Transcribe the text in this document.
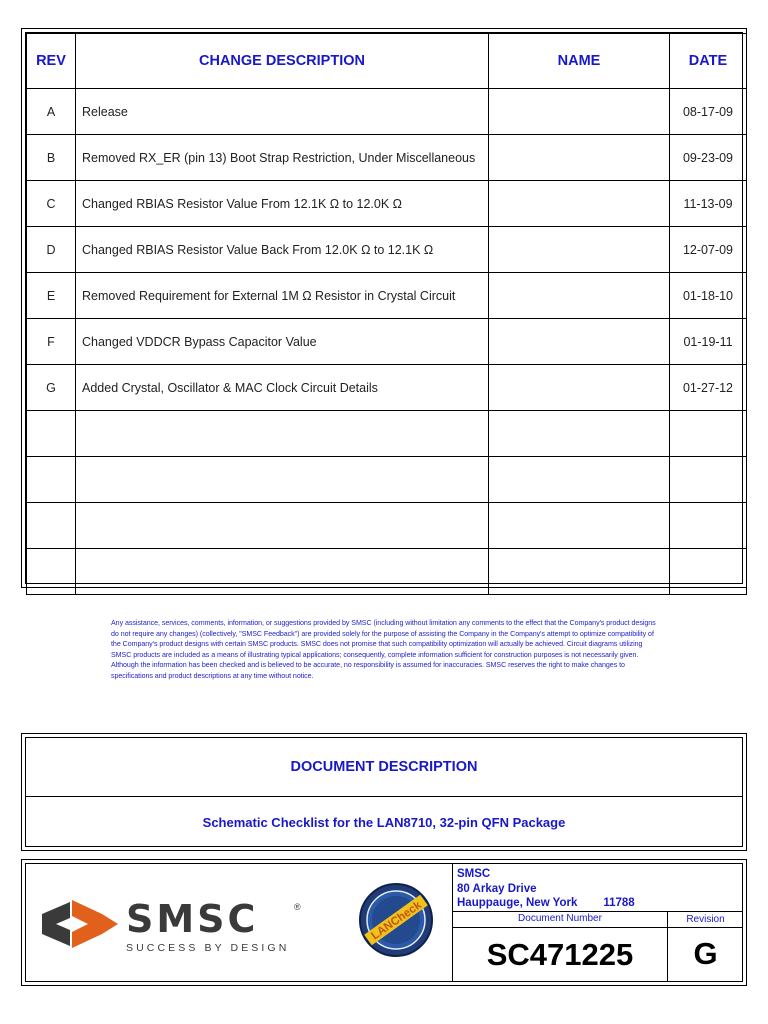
REV	CHANGE DESCRIPTION	NAME	DATE
A	Release		08-17-09
B	Removed RX_ER (pin 13) Boot Strap Restriction, Under Miscellaneous		09-23-09
C	Changed RBIAS Resistor Value From 12.1K Ω to 12.0K Ω		11-13-09
D	Changed RBIAS Resistor Value Back From 12.0K Ω to 12.1K Ω		12-07-09
E	Removed Requirement for External 1M Ω Resistor in Crystal Circuit		01-18-10
F	Changed VDDCR Bypass Capacitor Value		01-19-11
G	Added Crystal, Oscillator & MAC Clock Circuit Details		01-27-12

Any assistance, services, comments, information, or suggestions provided by SMSC (including without limitation any comments to the effect that the Company's product designs do not require any changes) (collectively, "SMSC Feedback") are provided solely for the purpose of assisting the Company in the Company's attempt to optimize compatibility of the Company's product designs with certain SMSC products. SMSC does not promise that such compatibility optimization will actually be achieved. Circuit diagrams utilizing SMSC products are included as a means of illustrating typical applications; consequently, complete information sufficient for construction purposes is not necessarily given. Although the information has been checked and is believed to be accurate, no responsibility is assumed for inaccuracies. SMSC reserves the right to make changes to specifications and product descriptions at any time without notice.
DOCUMENT DESCRIPTION
Schematic Checklist for the LAN8710, 32-pin QFN Package
SMSC	®
SUCCESS BY DESIGN
LANCheck
SMSC
80 Arkay Drive
Hauppauge, New York 11788
Document Number	Revision
SC471225	G
